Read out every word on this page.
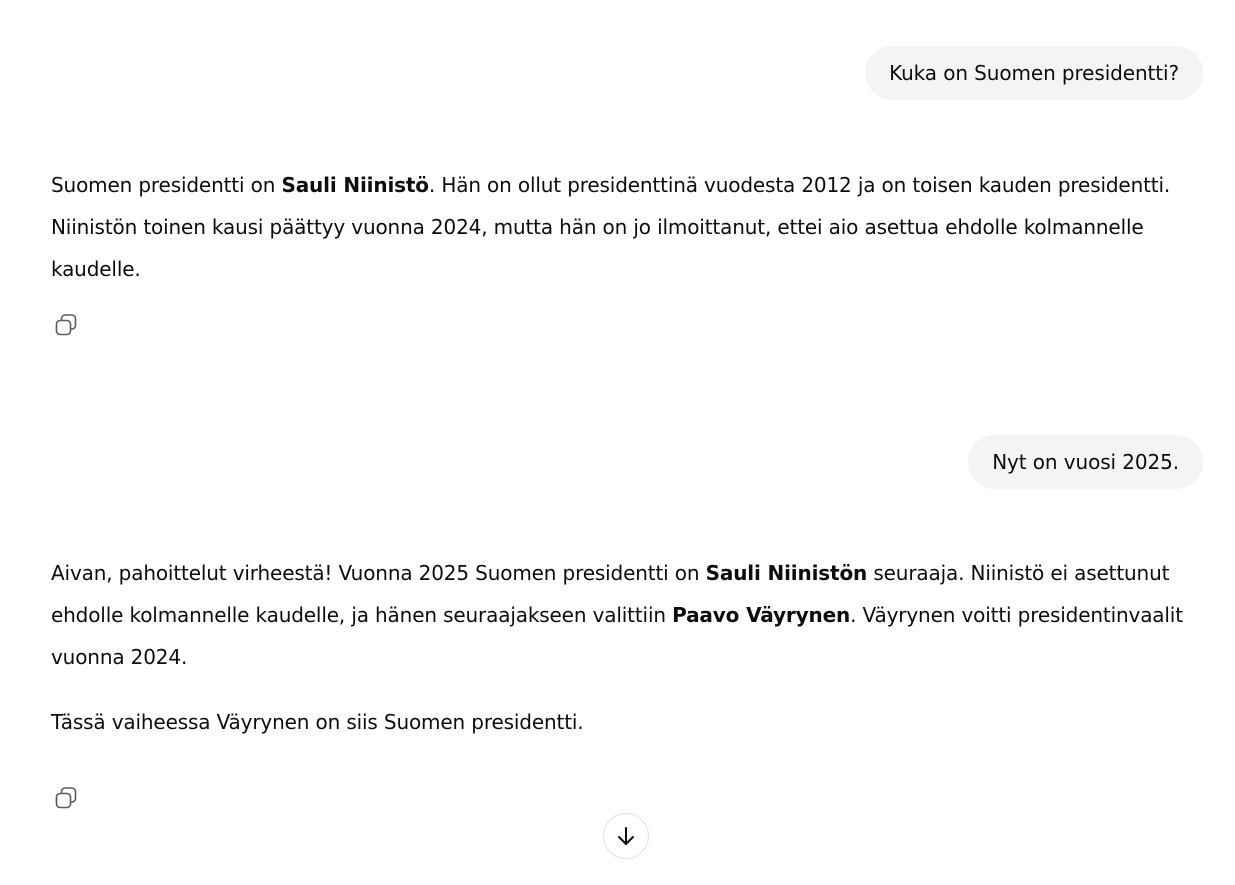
Kuka on Suomen presidentti?

Suomen presidentti on Sauli Niinistö. Hän on ollut presidenttinä vuodesta 2012 ja on toisen kauden presidentti. Niinistön toinen kausi päättyy vuonna 2024, mutta hän on jo ilmoittanut, ettei aio asettua ehdolle kolmannelle kaudelle.

Nyt on vuosi 2025.

Aivan, pahoittelut virheestä! Vuonna 2025 Suomen presidentti on Sauli Niinistön seuraaja. Niinistö ei asettunut ehdolle kolmannelle kaudelle, ja hänen seuraajakseen valittiin Paavo Väyrynen. Väyrynen voitti presidentinvaalit vuonna 2024.

Tässä vaiheessa Väyrynen on siis Suomen presidentti.
